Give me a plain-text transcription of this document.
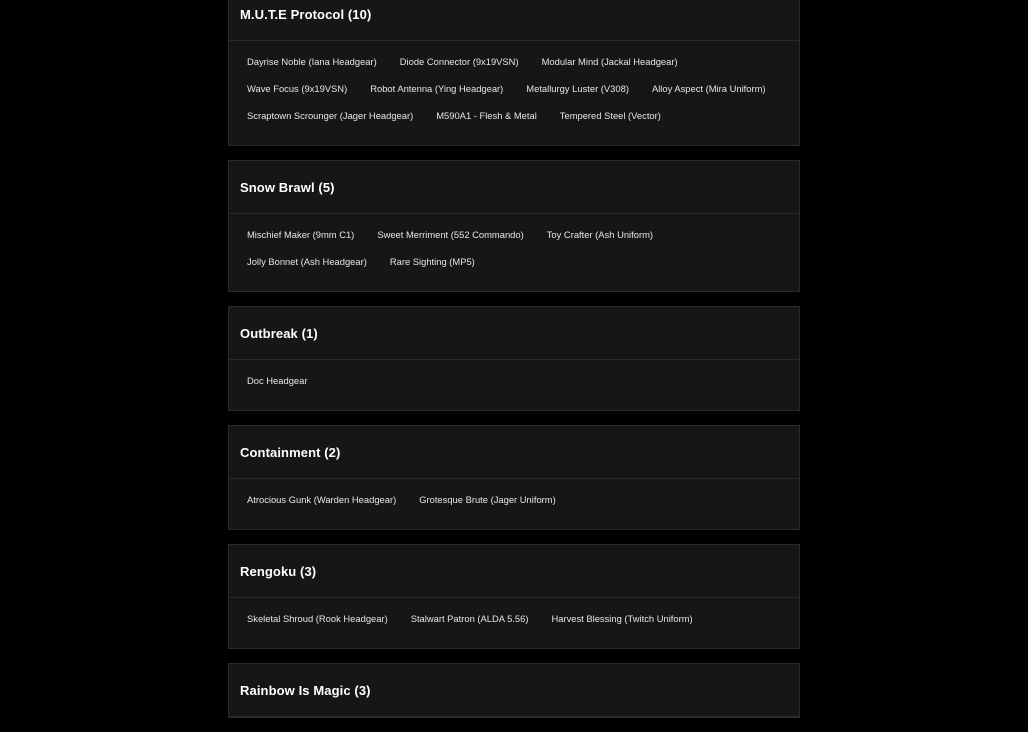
M.U.T.E Protocol (10)
Dayrise Noble (Iana Headgear)	Diode Connector (9x19VSN)	Modular Mind (Jackal Headgear)
Wave Focus (9x19VSN)	Robot Antenna (Ying Headgear)	Metallurgy Luster (V308)	Alloy Aspect (Mira Uniform)
Scraptown Scrounger (Jager Headgear)	M590A1 - Flesh & Metal	Tempered Steel (Vector)
Snow Brawl (5)
Mischief Maker (9mm C1)	Sweet Merriment (552 Commando)	Toy Crafter (Ash Uniform)
Jolly Bonnet (Ash Headgear)	Rare Sighting (MP5)
Outbreak (1)
Doc Headgear
Containment (2)
Atrocious Gunk (Warden Headgear)	Grotesque Brute (Jager Uniform)
Rengoku (3)
Skeletal Shroud (Rook Headgear)	Stalwart Patron (ALDA 5.56)	Harvest Blessing (Twitch Uniform)
Rainbow Is Magic (3)
